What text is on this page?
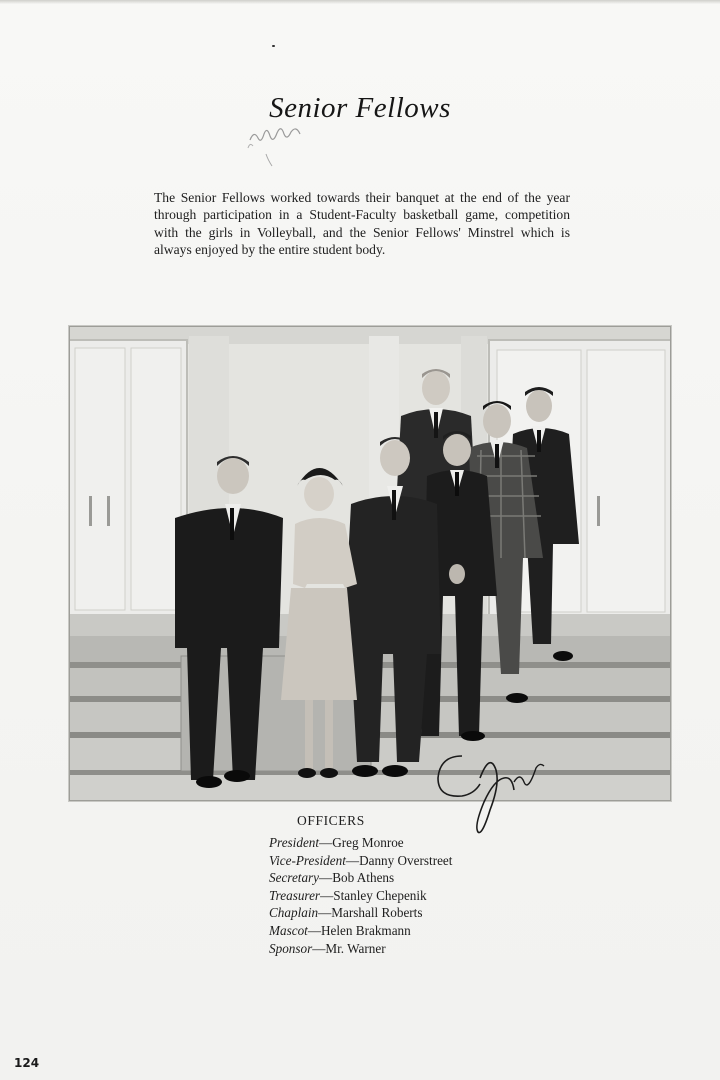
Senior Fellows

The Senior Fellows worked towards their banquet at the end of the year through participation in a Student-Faculty basketball game, competition with the girls in Volleyball, and the Senior Fellows' Minstrel which is always enjoyed by the entire student body.

OFFICERS
President—Greg Monroe
Vice-President—Danny Overstreet
Secretary—Bob Athens
Treasurer—Stanley Chepenik
Chaplain—Marshall Roberts
Mascot—Helen Brakmann
Sponsor—Mr. Warner
124
